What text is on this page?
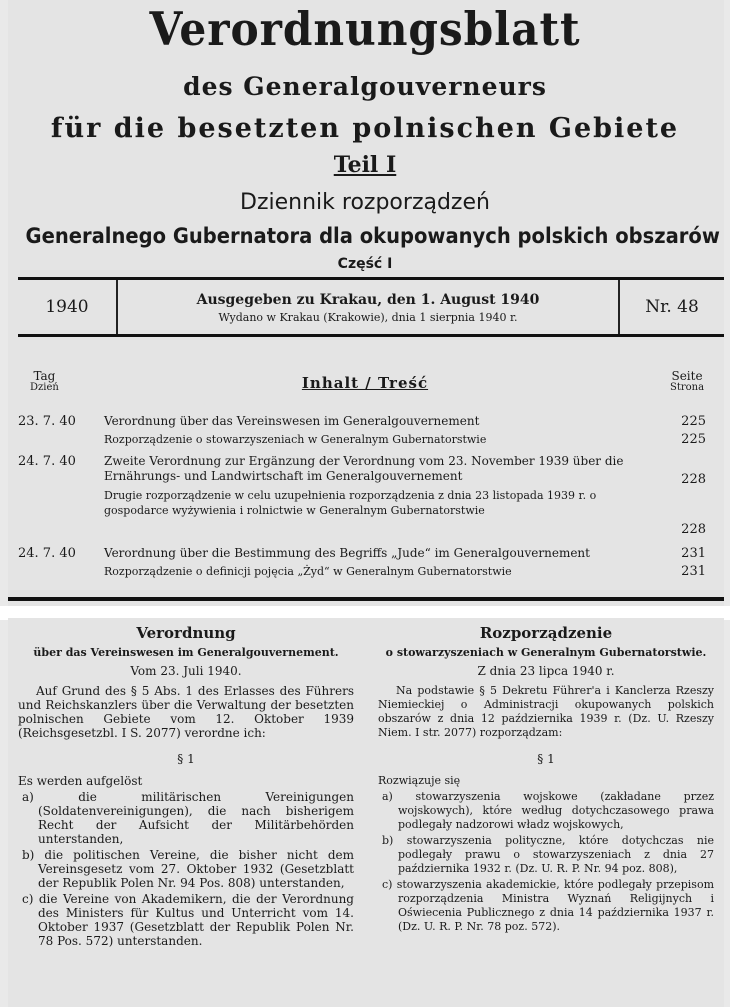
Verordnungsblatt
des Generalgouverneurs
für die besetzten polnischen Gebiete
Teil I
Dziennik rozporządzeń
Generalnego Gubernatora dla okupowanych polskich obszarów
Część I
1940	Ausgegeben zu Krakau, den 1. August 1940
Wydano w Krakau (Krakowie), dnia 1 sierpnia 1940 r.
Nr. 48
Tag
Dzień	Inhalt / Treść	Seite
Strona
23. 7. 40	Verordnung über das Vereinswesen im Generalgouvernement	225
Rozporządzenie o stowarzyszeniach w Generalnym Gubernatorstwie	225
24. 7. 40	Zweite Verordnung zur Ergänzung der Verordnung vom 23. November 1939 über die Ernährungs- und Landwirtschaft im Generalgouvernement	228
Drugie rozporządzenie w celu uzupełnienia rozporządzenia z dnia 23 listopada 1939 r. o gospodarce wyżywienia i rolnictwie w Generalnym Gubernatorstwie
228
24. 7. 40	Verordnung über die Bestimmung des Begriffs „Jude“ im Generalgouvernement	231
Rozporządzenie o definicji pojęcia „Żyd“ w Generalnym Gubernatorstwie	231
Verordnung
über das Vereinswesen im Generalgouvernement.
Vom 23. Juli 1940.
Auf Grund des § 5 Abs. 1 des Erlasses des Führers und Reichskanzlers über die Verwaltung der besetzten polnischen Gebiete vom 12. Oktober 1939 (Reichsgesetzbl. I S. 2077) verordne ich:
§ 1
Es werden aufgelöst
a) die militärischen Vereinigungen (Soldatenvereinigungen), die nach bisherigem Recht der Aufsicht der Militärbehörden unterstanden,
b) die politischen Vereine, die bisher nicht dem Vereinsgesetz vom 27. Oktober 1932 (Gesetzblatt der Republik Polen Nr. 94 Pos. 808) unterstanden,
c) die Vereine von Akademikern, die der Verordnung des Ministers für Kultus und Unterricht vom 14. Oktober 1937 (Gesetzblatt der Republik Polen Nr. 78 Pos. 572) unterstanden.
Rozporządzenie
o stowarzyszeniach w Generalnym Gubernatorstwie.
Z dnia 23 lipca 1940 r.
Na podstawie § 5 Dekretu Führer'a i Kanclerza Rzeszy Niemieckiej o Administracji okupowanych polskich obszarów z dnia 12 października 1939 r. (Dz. U. Rzeszy Niem. I str. 2077) rozporządzam:
§ 1
Rozwiązuje się
a) stowarzyszenia wojskowe (zakładane przez wojskowych), które według dotychczasowego prawa podlegały nadzorowi władz wojskowych,
b) stowarzyszenia polityczne, które dotychczas nie podlegały prawu o stowarzyszeniach z dnia 27 października 1932 r. (Dz. U. R. P. Nr. 94 poz. 808),
c) stowarzyszenia akademickie, które podlegały przepisom rozporządzenia Ministra Wyznań Religijnych i Oświecenia Publicznego z dnia 14 października 1937 r. (Dz. U. R. P. Nr. 78 poz. 572).
